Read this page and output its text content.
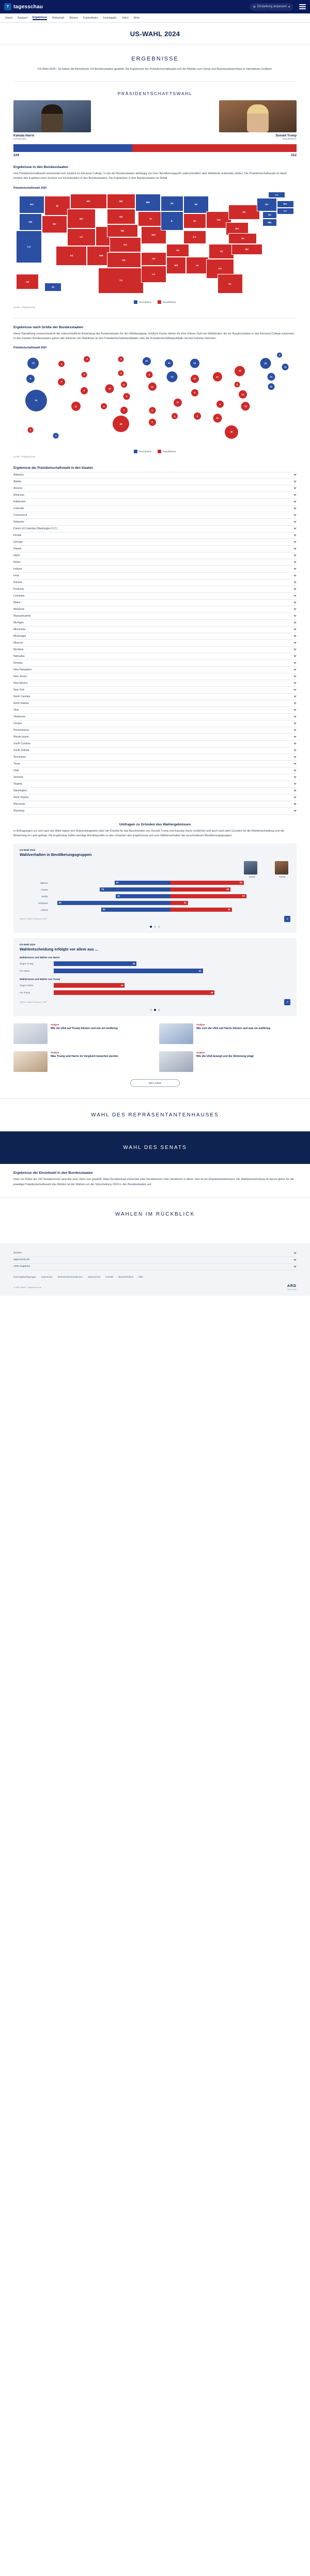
T tagesschau	⚙ Einstellung anpassen ▾
Inland Ausland Ergebnisse Wirtschaft Wissen Faktenfinder Investigativ Video Mehr
US-WAHL 2024
ERGEBNISSE

US-Wahl 2024 - So haben die Amerikaner US-Bundesstaaten gewählt: Die Ergebnisse der Präsidentschaftswahl und der Wahlen zum Senat und Repräsentantenhaus in interaktiven Grafiken.

PRÄSIDENTSCHAFTSWAHL
Kamala Harris
Demokraten
Donald Trump
Republikaner
226	312
Ergebnisse in den Bundesstaaten

Das Präsidentschaftswahl entscheidet sich letztlich im Electoral College. In das die Bundesstaaten abhängig von ihrer Bevölkerungszahl unterschiedlich viele Wahlleute entsenden dürfen. Die Präsidentschaftswahl ist damit letztlich das Ergebnis einer Summe von Einzelwahlen in den Bundesstaaten. Die Ergebnisse in den Bundesstaaten im Detail.

Präsidentschaftswahl 2024
WA
OR
CA
ID
MT
NV
WY
UT
AZ	NM
ND
SD
NE
KS
OK
TX
MN
IA
MO
AR
LA
WI
IL
TN
MS
MI
IN
KY
AL
OH
SC
GA
FL
PA
WV
VA
NC
NY
NJ
MD
VT
MA
CT
AK
HI
Demokraten	Republikaner
Quelle: AP/tagesschau
Ergebnisse nach Größe der Bundesstaaten

Diese Darstellung veranschaulicht die unterschiedliche Bedeutung der Bundesstaaten für den Wahlausgang. Größere Kreise stehen für eine höhere Zahl von Wahlleuten, die ein Bundesstaaten in das Electoral College entsendet. In den meisten Bundesstaaten gehen alle Stimmen der Wahlleute an den Präsidentschaftskandidaten oder die Präsidentschaftskandidatin mit den meisten Stimmen.

Präsidentschaftswahl 2024
12
8
54
4
4
6
3
6
11	5
10
3
3
5
6
7
40
10
6
10
6
8
10
19
11
6
15
11
8
9
17
9
16
30
19
4
13
16
28
14
10
3
11
3
4
Demokraten	Republikaner
Quelle: AP/tagesschau
Ergebnisse der Präsidentschaftswahl in den Staaten
Alabama
Alaska
Arizona
Arkansas
Kalifornien
Colorado
Connecticut
Delaware
District of Columbia (Washington D.C.)
Florida
Georgia
Hawaii
Idaho
Illinois
Indiana
Iowa
Kansas
Kentucky
Louisiana
Maine
Maryland
Massachusetts
Michigan
Minnesota
Mississippi
Missouri
Montana
Nebraska
Nevada
New Hampshire
New Jersey
New Mexico
New York
North Carolina
North Dakota
Ohio
Oklahoma
Oregon
Pennsylvania
Rhode Island
South Carolina
South Dakota
Tennessee
Texas
Utah
Vermont
Virginia
Washington
West Virginia
Wisconsin
Wyoming
Umfragen zu Gründen des Wahlergebnisses

In Befragungen vor und nach der Wahl haben sich Erkenntnisgewinn über die Gründe für das Abschneiden von Donald Trump und Kamala Harris verdichtet und auch nach dem Grunden für die Wahlentscheidung und die Bewertung im Land gefragt. Die Ergebnisse helfen wichtige Anhaltspunkte zu den Ursachen des Ergebnisses und zum Wählerverhalten bei verschiedenen Bevölkerungsgruppen.

US-Wahl 2024
Wahlverhalten in Bevölkerungsgruppen
Harris	Trump
Männer	42	55
Frauen	53	45
Weiße	41	57
Schwarze	85	13
Latinos	52	46
Quelle: Edison Research / NEP	↗
US-Wahl 2024
Wahlentscheidung erfolgte vor allem aus ...
Wählerinnen und Wähler von Harris
Gegen Trump	35
Für Harris	63
Wählerinnen und Wähler von Trump
Gegen Harris	30
Für Trump	68
Quelle: Edison Research / NEP	↗
Analyse
Wie die USA auf Trump blicken und wie ein weltkrieg
Analyse
Wie sich die USA seit Harris blicken und was sie weltkrieg
Analyse
Was Trump und Harris im Vergleich bewerten werden
Analyse
Wie die USA bewegt und die Stimmung prägt
Mehr Artikel
WAHL DES REPRÄSENTANTENHAUSES
WAHL DES SENATS
Ergebnisse der Einzelwahl in den Bundesstaaten

Dass ein Drittel der 100 Sentatorinnen wird alle zwei Jahre neu gewählt; dabei Bundesstaat entsendet zwei Senatorinnen oder Senatoren in diese. Hier ist ein Repräsentantenhaus: Die Wahlkreiseinteilung ist darum gleich für die jeweilige Präsidentschaftswahl des Wahlen ist der Wahlen um die Sitzverteilung 2024 in den Bundesstaaten auf.

WAHLEN IM RÜCKBLICK
Service
tagesschau.de
ARD-Angebote
Nutzungsbedingungen Impressum Sicherheitsinformationen Datenschutz Kontakt Barrierefreiheit Hilfe
© ARD-aktuell / tagesschau.de	ARD
Das Erste
